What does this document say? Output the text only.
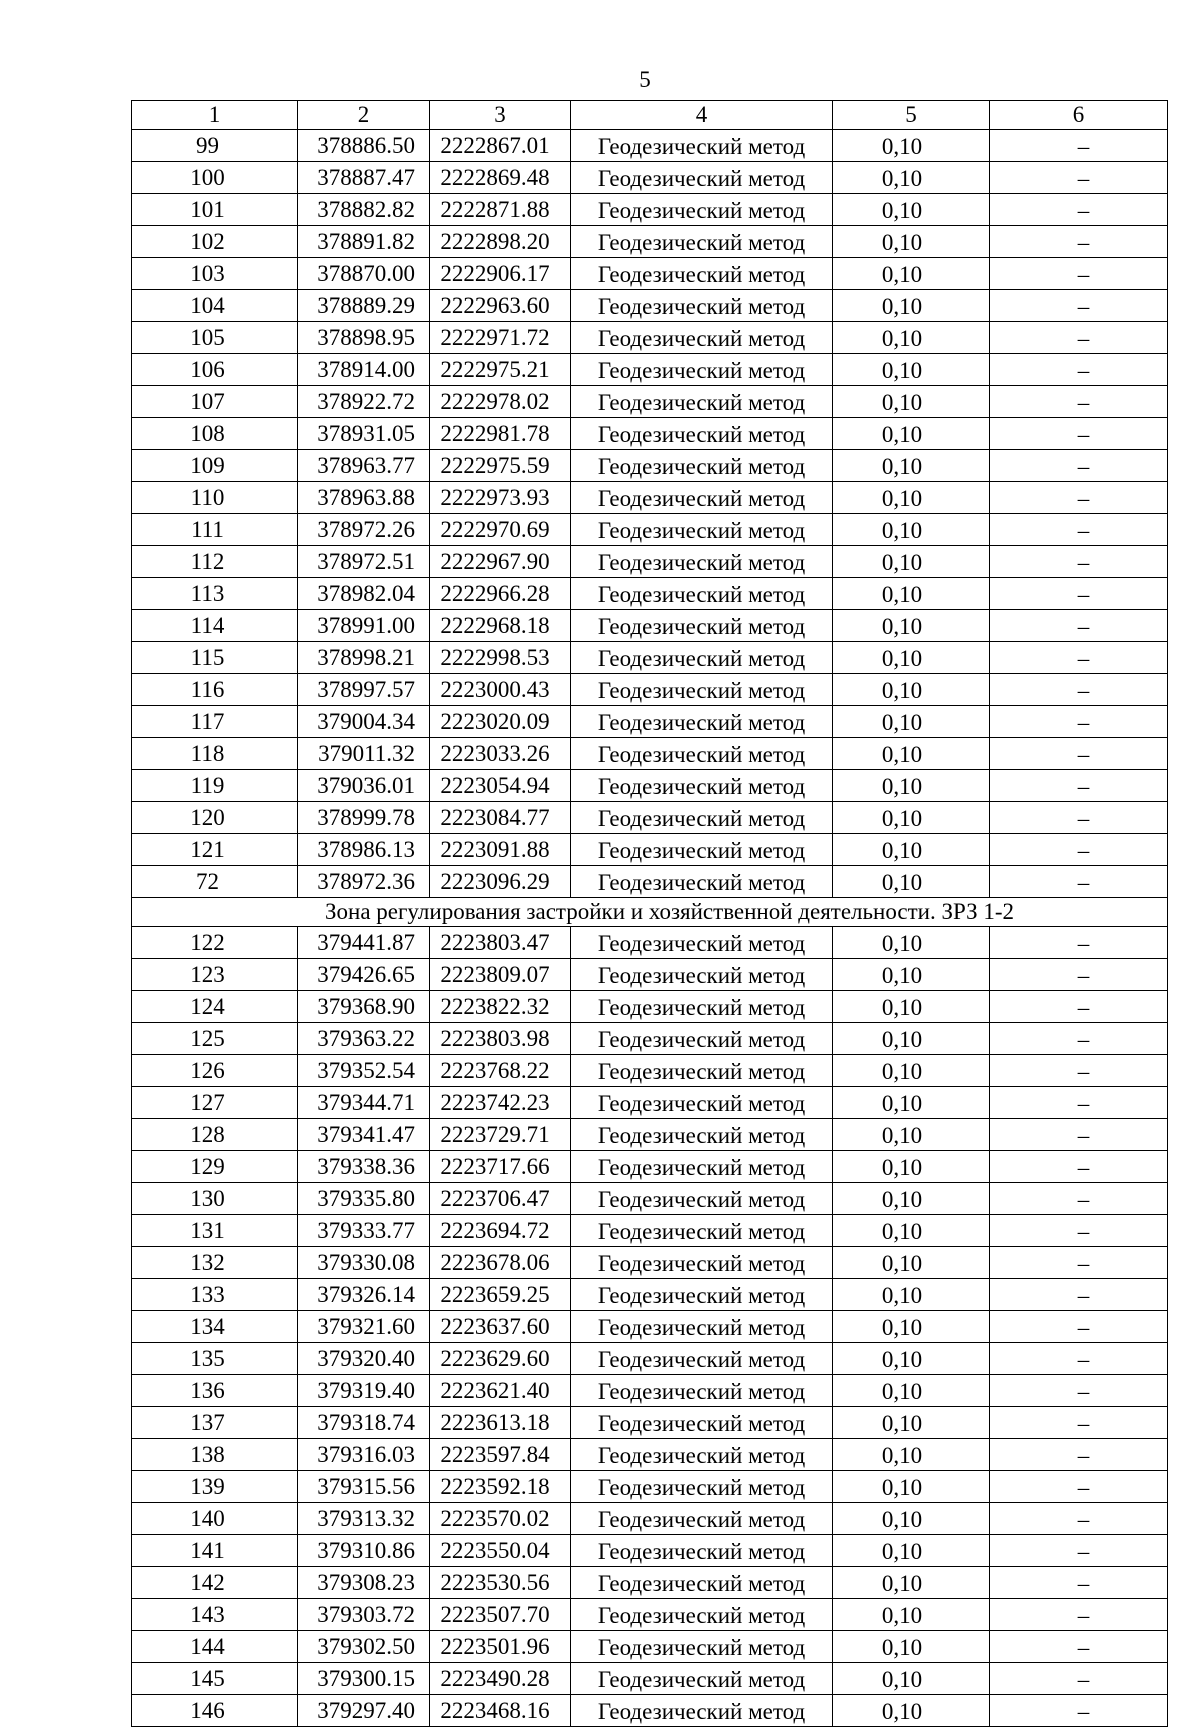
5
1	2	3	4	5	6
99	378886.50	2222867.01	Геодезический метод	0,10	–
100	378887.47	2222869.48	Геодезический метод	0,10	–
101	378882.82	2222871.88	Геодезический метод	0,10	–
102	378891.82	2222898.20	Геодезический метод	0,10	–
103	378870.00	2222906.17	Геодезический метод	0,10	–
104	378889.29	2222963.60	Геодезический метод	0,10	–
105	378898.95	2222971.72	Геодезический метод	0,10	–
106	378914.00	2222975.21	Геодезический метод	0,10	–
107	378922.72	2222978.02	Геодезический метод	0,10	–
108	378931.05	2222981.78	Геодезический метод	0,10	–
109	378963.77	2222975.59	Геодезический метод	0,10	–
110	378963.88	2222973.93	Геодезический метод	0,10	–
111	378972.26	2222970.69	Геодезический метод	0,10	–
112	378972.51	2222967.90	Геодезический метод	0,10	–
113	378982.04	2222966.28	Геодезический метод	0,10	–
114	378991.00	2222968.18	Геодезический метод	0,10	–
115	378998.21	2222998.53	Геодезический метод	0,10	–
116	378997.57	2223000.43	Геодезический метод	0,10	–
117	379004.34	2223020.09	Геодезический метод	0,10	–
118	379011.32	2223033.26	Геодезический метод	0,10	–
119	379036.01	2223054.94	Геодезический метод	0,10	–
120	378999.78	2223084.77	Геодезический метод	0,10	–
121	378986.13	2223091.88	Геодезический метод	0,10	–
72	378972.36	2223096.29	Геодезический метод	0,10	–
Зона регулирования застройки и хозяйственной деятельности. ЗРЗ 1-2					
122	379441.87	2223803.47	Геодезический метод	0,10	–
123	379426.65	2223809.07	Геодезический метод	0,10	–
124	379368.90	2223822.32	Геодезический метод	0,10	–
125	379363.22	2223803.98	Геодезический метод	0,10	–
126	379352.54	2223768.22	Геодезический метод	0,10	–
127	379344.71	2223742.23	Геодезический метод	0,10	–
128	379341.47	2223729.71	Геодезический метод	0,10	–
129	379338.36	2223717.66	Геодезический метод	0,10	–
130	379335.80	2223706.47	Геодезический метод	0,10	–
131	379333.77	2223694.72	Геодезический метод	0,10	–
132	379330.08	2223678.06	Геодезический метод	0,10	–
133	379326.14	2223659.25	Геодезический метод	0,10	–
134	379321.60	2223637.60	Геодезический метод	0,10	–
135	379320.40	2223629.60	Геодезический метод	0,10	–
136	379319.40	2223621.40	Геодезический метод	0,10	–
137	379318.74	2223613.18	Геодезический метод	0,10	–
138	379316.03	2223597.84	Геодезический метод	0,10	–
139	379315.56	2223592.18	Геодезический метод	0,10	–
140	379313.32	2223570.02	Геодезический метод	0,10	–
141	379310.86	2223550.04	Геодезический метод	0,10	–
142	379308.23	2223530.56	Геодезический метод	0,10	–
143	379303.72	2223507.70	Геодезический метод	0,10	–
144	379302.50	2223501.96	Геодезический метод	0,10	–
145	379300.15	2223490.28	Геодезический метод	0,10	–
146	379297.40	2223468.16	Геодезический метод	0,10	–
